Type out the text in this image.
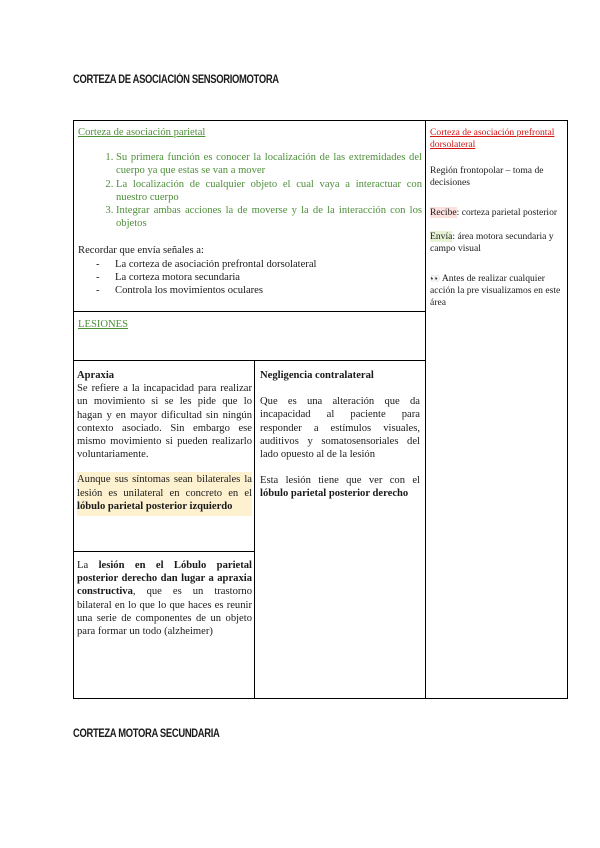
CORTEZA DE ASOCIACIÓN SENSORIOMOTORA
Corteza de asociación parietal
1. Su primera función es conocer la localización de las extremidades del cuerpo ya que estas se van a mover
2. La localización de cualquier objeto el cual vaya a interactuar con nuestro cuerpo
3. Integrar ambas acciones la de moverse y la de la interacción con los objetos
Recordar que envía señales a:
- La corteza de asociación prefrontal dorsolateral
- La corteza motora secundaria
- Controla los movimientos oculares
LESIONES
Apraxia
Se refiere a la incapacidad para realizar un movimiento si se les pide que lo hagan y en mayor dificultad sin ningún contexto asociado. Sin embargo ese mismo movimiento si pueden realizarlo voluntariamente.
Aunque sus síntomas sean bilaterales la lesión es unilateral en concreto en el lóbulo parietal posterior izquierdo
La lesión en el Lóbulo parietal posterior derecho dan lugar a apraxia constructiva, que es un trastorno bilateral en lo que lo que haces es reunir una serie de componentes de un objeto para formar un todo (alzheimer)
Negligencia contralateral

Que es una alteración que da incapacidad al paciente para responder a estímulos visuales, auditivos y somatosensoriales del lado opuesto al de la lesión

Esta lesión tiene que ver con el lóbulo parietal posterior derecho

Corteza de asociación prefrontal dorsolateral
Región frontopolar – toma de decisiones
Recibe: corteza parietal posterior
Envía: área motora secundaria y campo visual
👀 Antes de realizar cualquier
acción la pre visualizamos en este área
CORTEZA MOTORA SECUNDARIA
